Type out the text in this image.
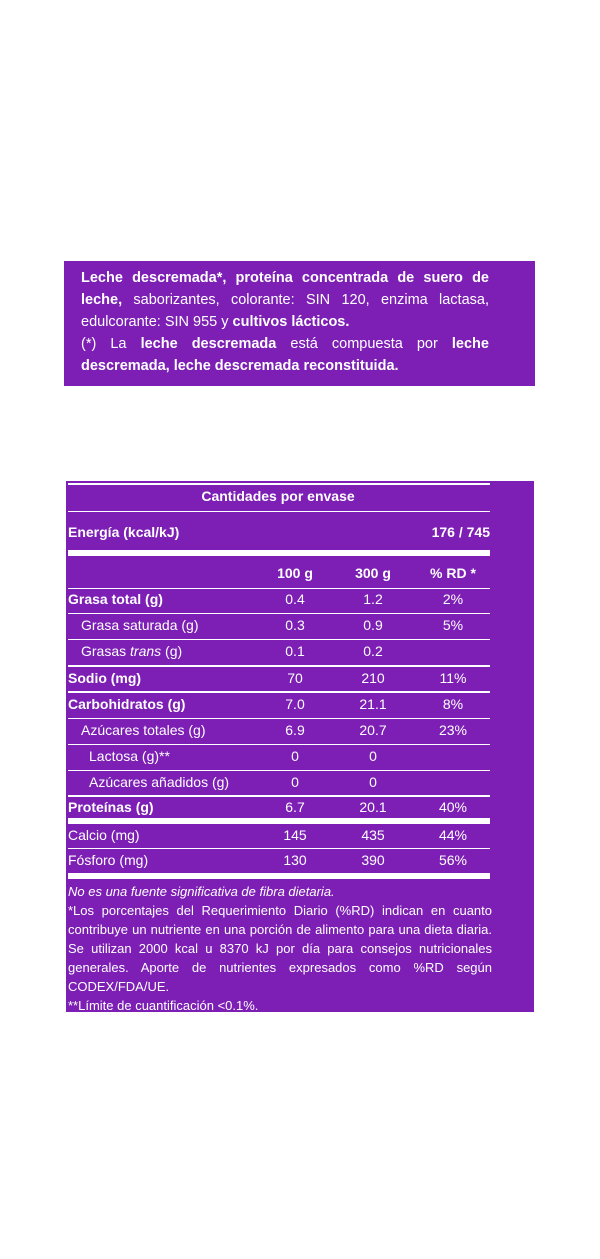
Leche descremada*, proteína concentrada de suero de leche, saborizantes, colorante: SIN 120, enzima lactasa, edulcorante: SIN 955 y cultivos lácticos.

(*) La leche descremada está compuesta por leche descremada, leche descremada reconstituida.

Cantidades por envase
Energía (kcal/kJ)	176 / 745
100 g	300 g	% RD *
Grasa total (g)	0.4	1.2	2%
Grasa saturada (g)	0.3	0.9	5%
Grasas trans (g)	0.1	0.2
Sodio (mg)	70	210	11%
Carbohidratos (g)	7.0	21.1	8%
Azúcares totales (g)	6.9	20.7	23%
Lactosa (g)**	0	0
Azúcares añadidos (g)	0	0
Proteínas (g)	6.7	20.1	40%
Calcio (mg)	145	435	44%
Fósforo (mg)	130	390	56%

No es una fuente significativa de fibra dietaria.

*Los porcentajes del Requerimiento Diario (%RD) indican en cuanto contribuye un nutriente en una porción de alimento para una dieta diaria. Se utilizan 2000 kcal u 8370 kJ por día para consejos nutricionales generales. Aporte de nutrientes expresados como %RD según CODEX/FDA/UE.

**Límite de cuantificación <0.1%.
